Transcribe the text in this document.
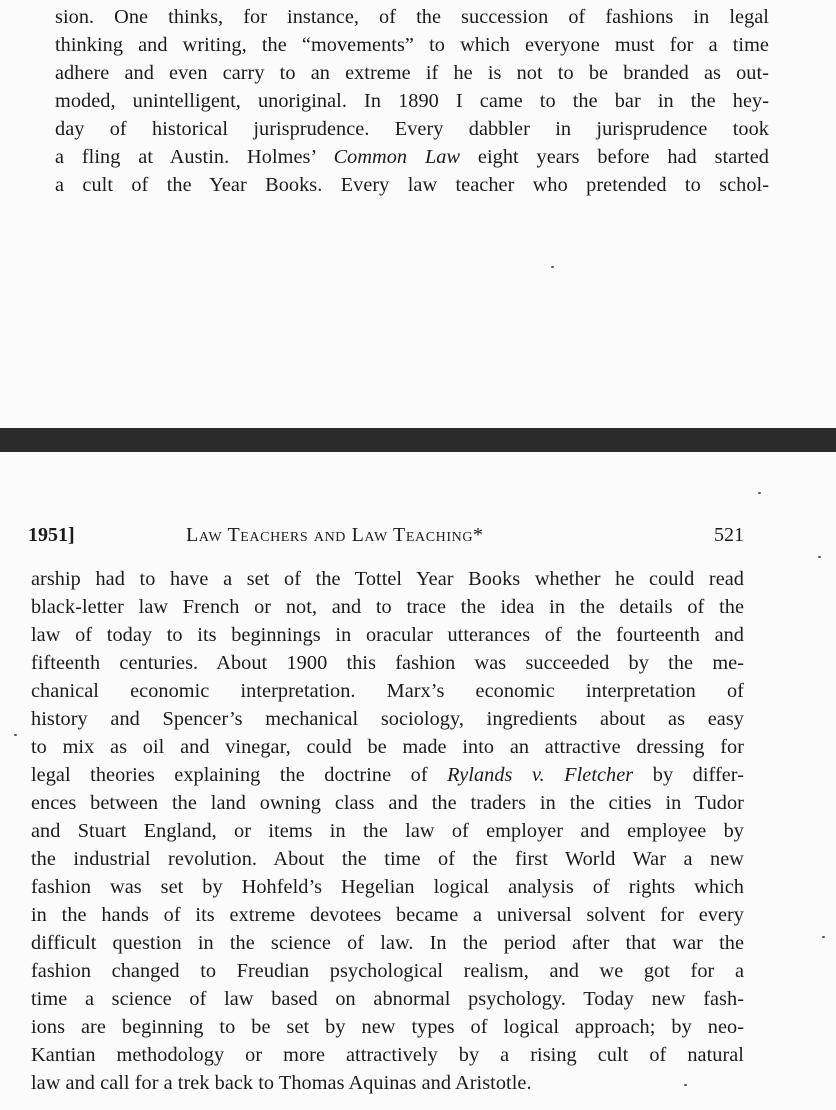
sion. One thinks, for instance, of the succession of fashions in legal
thinking and writing, the “movements” to which everyone must for a time
adhere and even carry to an extreme if he is not to be branded as out-
moded, unintelligent, unoriginal. In 1890 I came to the bar in the hey-
day of historical jurisprudence. Every dabbler in jurisprudence took
a fling at Austin. Holmes’ Common Law eight years before had started
a cult of the Year Books. Every law teacher who pretended to schol-
1951]	Law Teachers and Law Teaching*	521
arship had to have a set of the Tottel Year Books whether he could read
black-letter law French or not, and to trace the idea in the details of the
law of today to its beginnings in oracular utterances of the fourteenth and
fifteenth centuries. About 1900 this fashion was succeeded by the me-
chanical economic interpretation. Marx’s economic interpretation of
history and Spencer’s mechanical sociology, ingredients about as easy
to mix as oil and vinegar, could be made into an attractive dressing for
legal theories explaining the doctrine of Rylands v. Fletcher by differ-
ences between the land owning class and the traders in the cities in Tudor
and Stuart England, or items in the law of employer and employee by
the industrial revolution. About the time of the first World War a new
fashion was set by Hohfeld’s Hegelian logical analysis of rights which
in the hands of its extreme devotees became a universal solvent for every
difficult question in the science of law. In the period after that war the
fashion changed to Freudian psychological realism, and we got for a
time a science of law based on abnormal psychology. Today new fash-
ions are beginning to be set by new types of logical approach; by neo-
Kantian methodology or more attractively by a rising cult of natural
law and call for a trek back to Thomas Aquinas and Aristotle.
